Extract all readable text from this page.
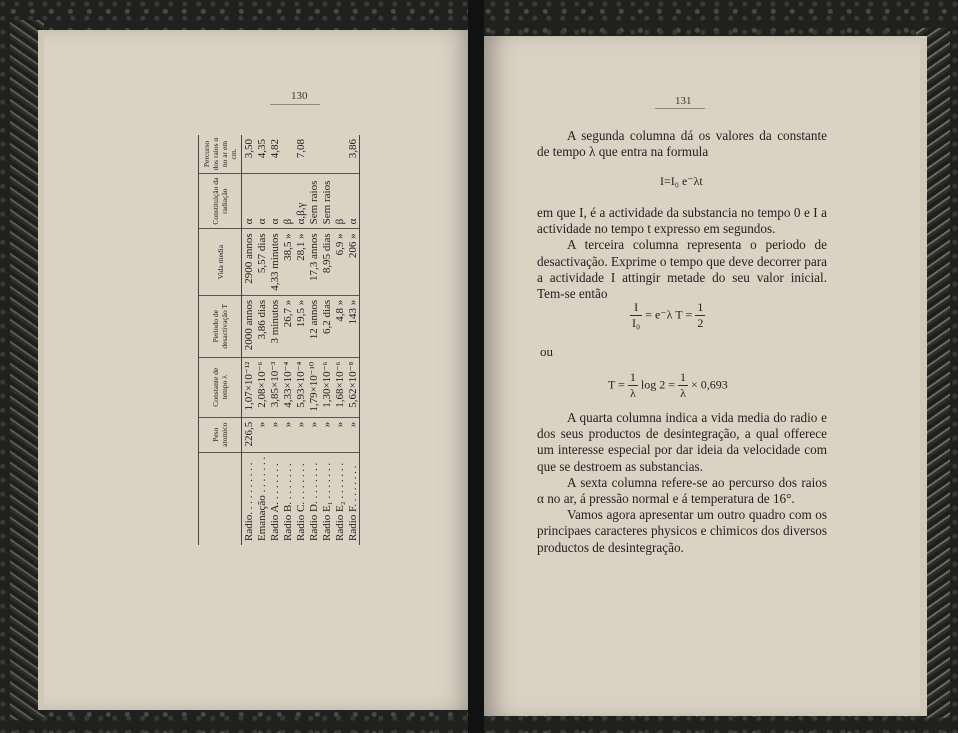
130
	Peso atomico	Constante de tempo λ	Periodo de desactivação T	Vida media	Constituição da radiação	Percurso dos raios α no ar em cm.
Radio. . . . . . . . . .	226,5	1,07×10⁻¹²	2000 annos	2900 annos	α	3,50
Emanação . . . . . . .	»	2,08×10⁻⁶	3,86 dias	5,57 dias	α	4,35
Radio A. . . . . . . .	»	3,85×10⁻³	3 minutos	4,33 minutos	α	4,82
Radio B. . . . . . . .	»	4,33×10⁻⁴	26,7 »	38,5 »	β	
Radio C. . . . . . . .	»	5,93×10⁻⁴	19,5 »	28,1 »	α,β,γ	7,08
Radio D. . . . . . . .	»	1,79×10⁻¹⁰	12 annos	17,3 annos	Sem raios	
Radio E₁ . . . . . . .	»	1,30×10⁻⁶	6,2 dias	8,95 dias	Sem raios	
Radio E₂ . . . . . . .	»	1,68×10⁻⁶	4,8 »	6,9 »	β	
Radio F. . . . . . . .	»	5,62×10⁻⁸	143 »	206 »	α	3,86
131

A segunda columna dá os valores da constante de tempo λ que entra na formula

I=I₀ e⁻λt

em que I, é a actividade da substancia no tempo 0 e I a actividade no tempo t expresso em segundos.

A terceira columna representa o periodo de desactivação. Exprime o tempo que deve decorrer para a actividade I attingir metade do seu valor inicial. Tem-se então

$\frac{I}{\text{I₀}} = e^-\lambda$ $T = \frac{1}{2}$
ou
$T = \frac{1}{\lambda}$ $\log 2 = \frac{1}{\lambda} \times 0,693$

A quarta columna indica a vida media do radio e dos seus productos de desintegração, a qual offerece um interesse especial por dar ideia da velocidade com que se destroem as substancias.

A sexta columna refere-se ao percurso dos raios α no ar, á pressão normal e á temperatura de 16°.

Vamos agora apresentar um outro quadro com os principaes caracteres physicos e chimicos dos diversos productos de desintegração.
